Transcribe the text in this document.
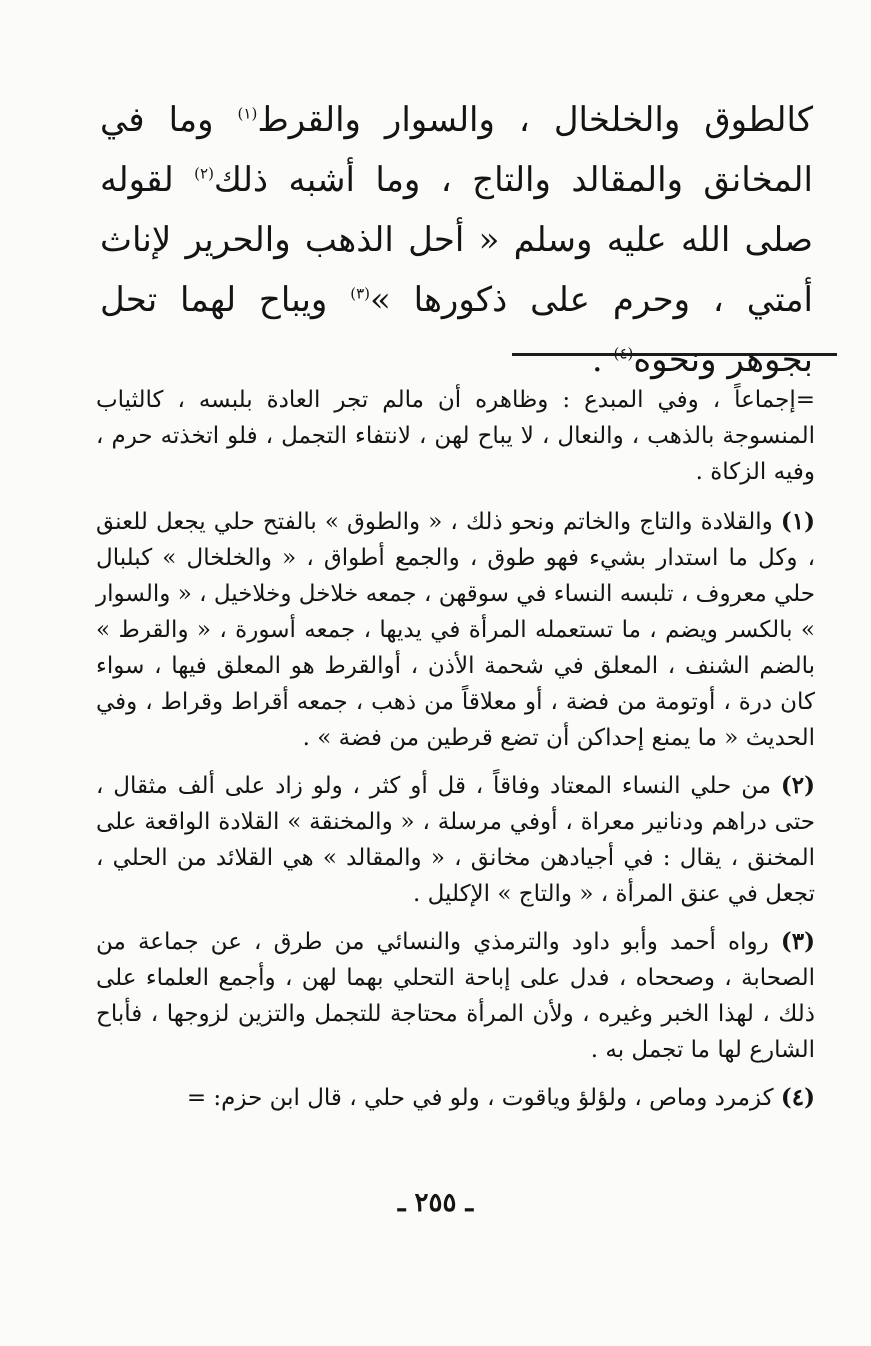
كالطوق والخلخال ، والسوار والقرط$^{(١)}$ وما في المخانق والمقالد والتاج ، وما أشبه ذلك$^{(٢)}$ لقوله صلى الله عليه وسلم « أحل الذهب والحرير لإناث أمتي ، وحرم على ذكورها »$^{(٣)}$ ويباح لهما تحل بجوهر ونحوه$^{(٤)}$ .

=إجماعاً ، وفي المبدع : وظاهره أن مالم تجر العادة بلبسه ، كالثياب المنسوجة بالذهب ، والنعال ، لا يباح لهن ، لانتفاء التجمل ، فلو اتخذته حرم ، وفيه الزكاة .

(١) والقلادة والتاج والخاتم ونحو ذلك ، « والطوق » بالفتح حلي يجعل للعنق ، وكل ما استدار بشيء فهو طوق ، والجمع أطواق ، « والخلخال » كبلبال حلي معروف ، تلبسه النساء في سوقهن ، جمعه خلاخل وخلاخيل ، « والسوار » بالكسر ويضم ، ما تستعمله المرأة في يديها ، جمعه أسورة ، « والقرط » بالضم الشنف ، المعلق في شحمة الأذن ، أوالقرط هو المعلق فيها ، سواء كان درة ، أوتومة من فضة ، أو معلاقاً من ذهب ، جمعه أقراط وقراط ، وفي الحديث « ما يمنع إحداكن أن تضع قرطين من فضة » .

(٢) من حلي النساء المعتاد وفاقاً ، قل أو كثر ، ولو زاد على ألف مثقال ، حتى دراهم ودنانير معراة ، أوفي مرسلة ، « والمخنقة » القلادة الواقعة على المخنق ، يقال : في أجيادهن مخانق ، « والمقالد » هي القلائد من الحلي ، تجعل في عنق المرأة ، « والتاج » الإكليل .

(٣) رواه أحمد وأبو داود والترمذي والنسائي من طرق ، عن جماعة من الصحابة ، وصححاه ، فدل على إباحة التحلي بهما لهن ، وأجمع العلماء على ذلك ، لهذا الخبر وغيره ، ولأن المرأة محتاجة للتجمل والتزين لزوجها ، فأباح الشارع لها ما تجمل به .

(٤) كزمرد وماص ، ولؤلؤ وياقوت ، ولو في حلي ، قال ابن حزم: =

ـ ٢٥٥ ـ
